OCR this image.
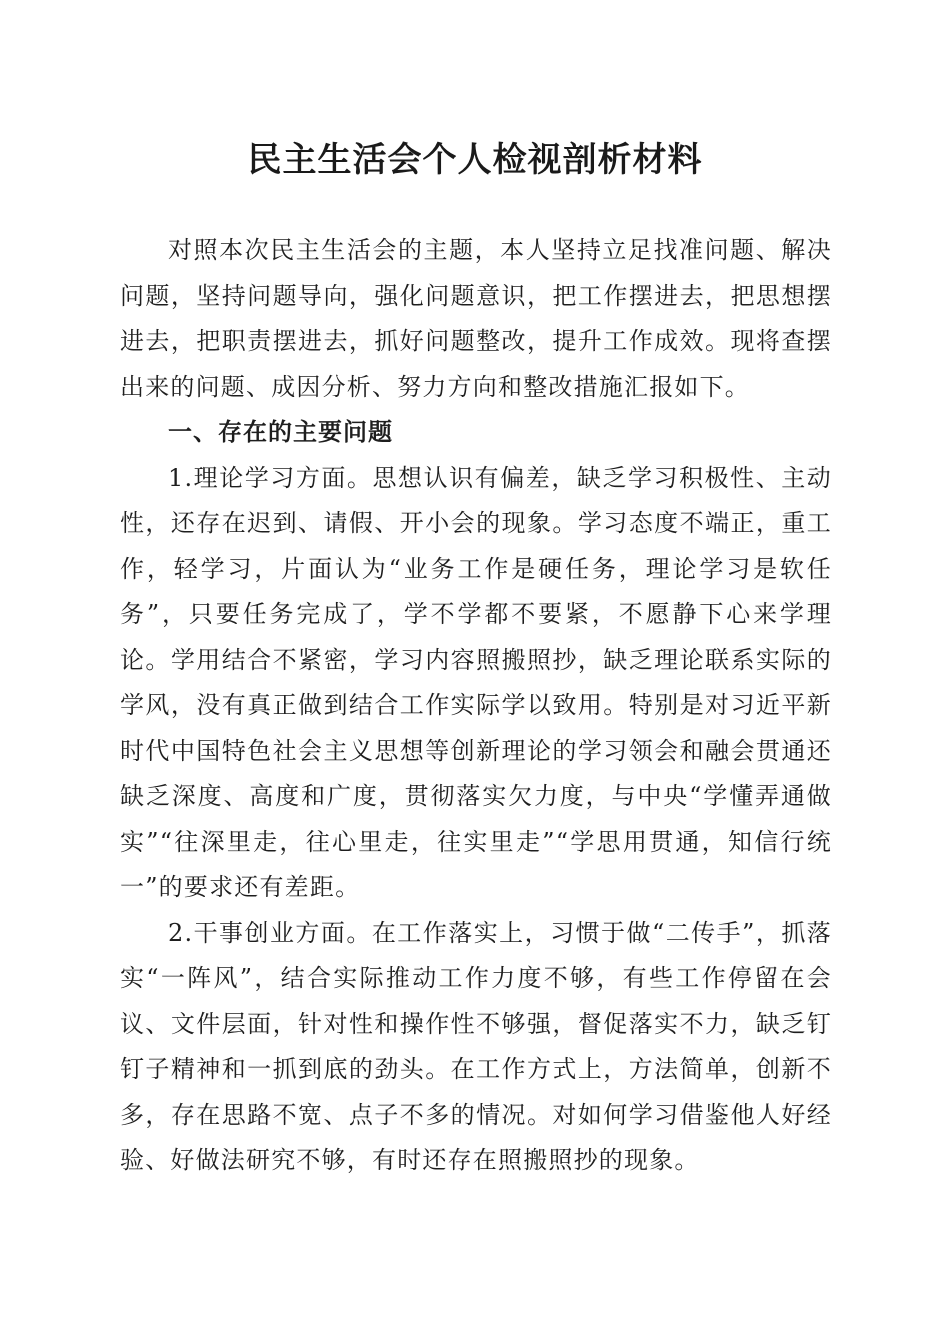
民主生活会个人检视剖析材料

对照本次民主生活会的主题，本人坚持立足找准问题、解决问题，坚持问题导向，强化问题意识，把工作摆进去，把思想摆进去，把职责摆进去，抓好问题整改，提升工作成效。现将查摆出来的问题、成因分析、努力方向和整改措施汇报如下。

一、存在的主要问题

1.理论学习方面。思想认识有偏差，缺乏学习积极性、主动性，还存在迟到、请假、开小会的现象。学习态度不端正，重工作，轻学习，片面认为“业务工作是硬任务，理论学习是软任务”，只要任务完成了，学不学都不要紧，不愿静下心来学理论。学用结合不紧密，学习内容照搬照抄，缺乏理论联系实际的学风，没有真正做到结合工作实际学以致用。特别是对习近平新时代中国特色社会主义思想等创新理论的学习领会和融会贯通还缺乏深度、高度和广度，贯彻落实欠力度，与中央“学懂弄通做实”“往深里走，往心里走，往实里走”“学思用贯通，知信行统一”的要求还有差距。

2.干事创业方面。在工作落实上，习惯于做“二传手”，抓落实“一阵风”，结合实际推动工作力度不够，有些工作停留在会议、文件层面，针对性和操作性不够强，督促落实不力，缺乏钉钉子精神和一抓到底的劲头。在工作方式上，方法简单，创新不多，存在思路不宽、点子不多的情况。对如何学习借鉴他人好经验、好做法研究不够，有时还存在照搬照抄的现象。
